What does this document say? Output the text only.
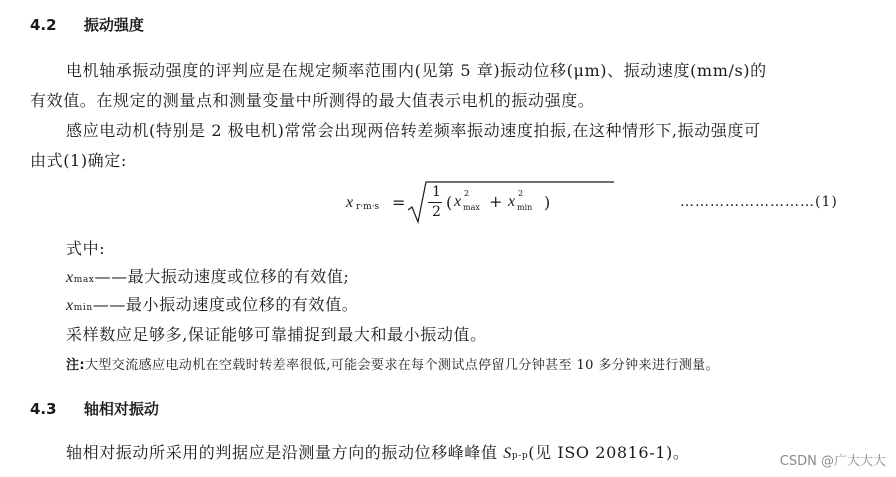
4.2 振动强度
电机轴承振动强度的评判应是在规定频率范围内(见第 5 章)振动位移(μm)、振动速度(mm/s)的
有效值。在规定的测量点和测量变量中所测得的最大值表示电机的振动强度。
感应电动机(特别是 2 极电机)常常会出现两倍转差频率振动速度拍振,在这种情形下,振动强度可
由式(1)确定:
x r·m·s =
1
2 ( x 2
max + x 2
min )	………………………(1)
式中:
xmax——最大振动速度或位移的有效值;
xmin——最小振动速度或位移的有效值。
采样数应足够多,保证能够可靠捕捉到最大和最小振动值。
注:大型交流感应电动机在空载时转差率很低,可能会要求在每个测试点停留几分钟甚至 10 多分钟来进行测量。
4.3 轴相对振动
轴相对振动所采用的判据应是沿测量方向的振动位移峰峰值 Sp-p(见 ISO 20816-1)。	CSDN @广大大大
